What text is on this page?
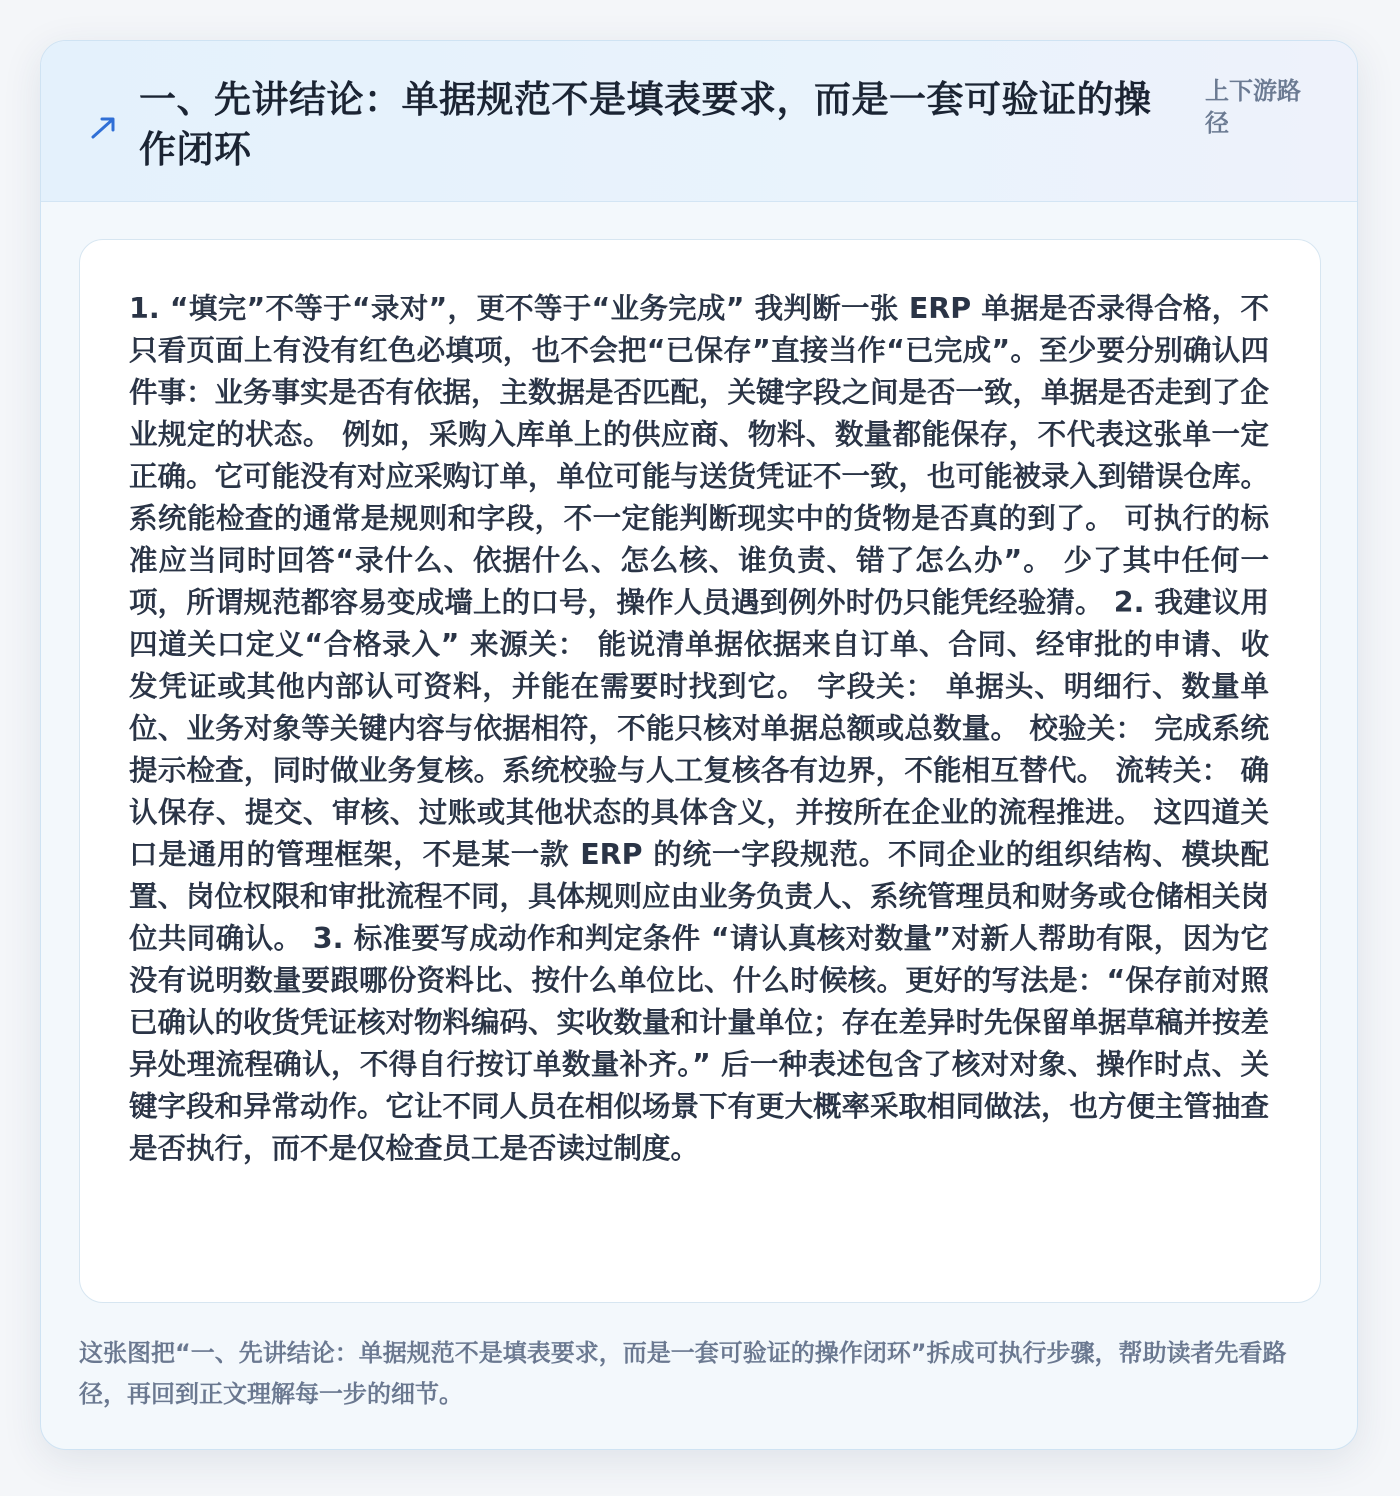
一、先讲结论：单据规范不是填表要求，而是一套可验证的操作闭环
上下游路径

1. “填完”不等于“录对”，更不等于“业务完成” 我判断一张 ERP 单据是否录得合格，不只看页面上有没有红色必填项，也不会把“已保存”直接当作“已完成”。至少要分别确认四件事：业务事实是否有依据，主数据是否匹配，关键字段之间是否一致，单据是否走到了企业规定的状态。 例如，采购入库单上的供应商、物料、数量都能保存，不代表这张单一定正确。它可能没有对应采购订单，单位可能与送货凭证不一致，也可能被录入到错误仓库。系统能检查的通常是规则和字段，不一定能判断现实中的货物是否真的到了。 可执行的标准应当同时回答“录什么、依据什么、怎么核、谁负责、错了怎么办”。 少了其中任何一项，所谓规范都容易变成墙上的口号，操作人员遇到例外时仍只能凭经验猜。 2. 我建议用四道关口定义“合格录入” 来源关： 能说清单据依据来自订单、合同、经审批的申请、收发凭证或其他内部认可资料，并能在需要时找到它。 字段关： 单据头、明细行、数量单位、业务对象等关键内容与依据相符，不能只核对单据总额或总数量。 校验关： 完成系统提示检查，同时做业务复核。系统校验与人工复核各有边界，不能相互替代。 流转关： 确认保存、提交、审核、过账或其他状态的具体含义，并按所在企业的流程推进。 这四道关口是通用的管理框架，不是某一款 ERP 的统一字段规范。不同企业的组织结构、模块配置、岗位权限和审批流程不同，具体规则应由业务负责人、系统管理员和财务或仓储相关岗位共同确认。 3. 标准要写成动作和判定条件 “请认真核对数量”对新人帮助有限，因为它没有说明数量要跟哪份资料比、按什么单位比、什么时候核。更好的写法是：“保存前对照已确认的收货凭证核对物料编码、实收数量和计量单位；存在差异时先保留单据草稿并按差异处理流程确认，不得自行按订单数量补齐。” 后一种表述包含了核对对象、操作时点、关键字段和异常动作。它让不同人员在相似场景下有更大概率采取相同做法，也方便主管抽查是否执行，而不是仅检查员工是否读过制度。

这张图把“一、先讲结论：单据规范不是填表要求，而是一套可验证的操作闭环”拆成可执行步骤，帮助读者先看路径，再回到正文理解每一步的细节。
